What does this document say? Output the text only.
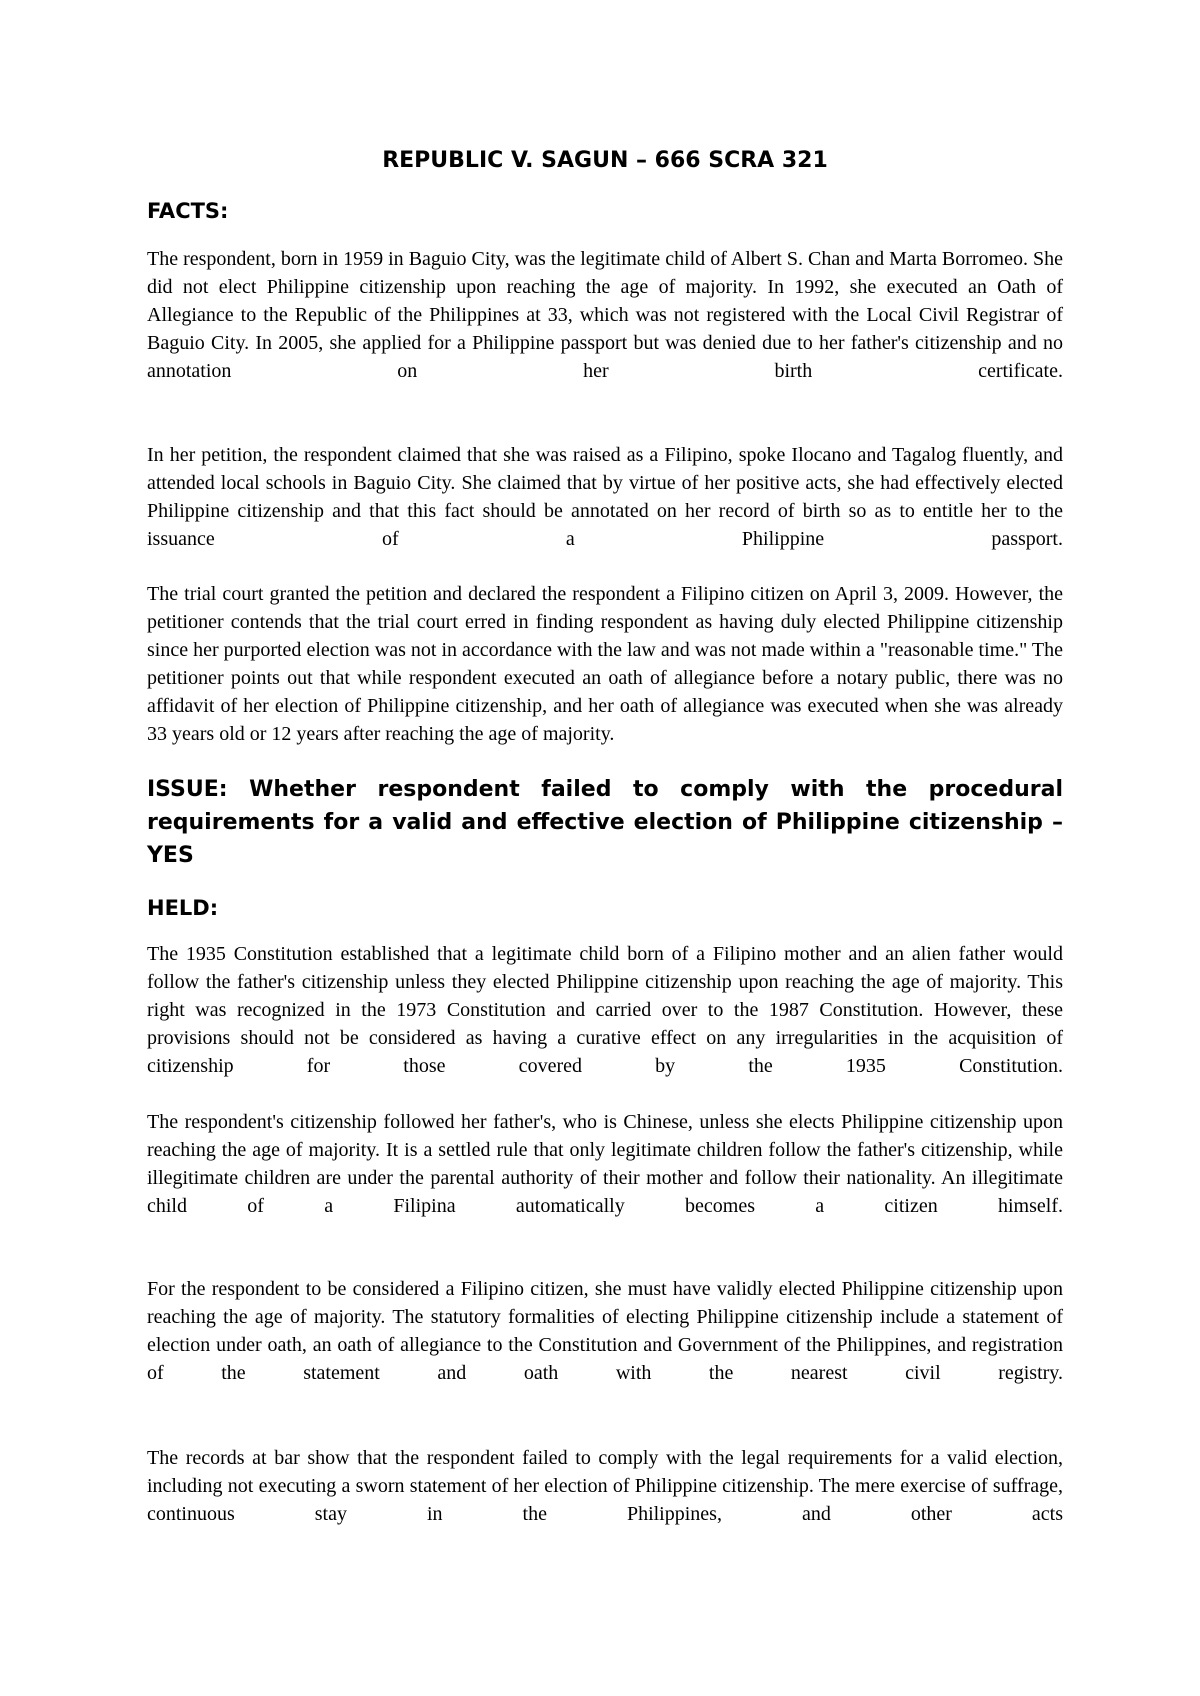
REPUBLIC V. SAGUN – 666 SCRA 321
FACTS:

The respondent, born in 1959 in Baguio City, was the legitimate child of Albert S. Chan and Marta Borromeo. She did not elect Philippine citizenship upon reaching the age of majority. In 1992, she executed an Oath of Allegiance to the Republic of the Philippines at 33, which was not registered with the Local Civil Registrar of Baguio City. In 2005, she applied for a Philippine passport but was denied due to her father's citizenship and no annotation on her birth certificate.

In her petition, the respondent claimed that she was raised as a Filipino, spoke Ilocano and Tagalog fluently, and attended local schools in Baguio City. She claimed that by virtue of her positive acts, she had effectively elected Philippine citizenship and that this fact should be annotated on her record of birth so as to entitle her to the issuance of a Philippine passport.

The trial court granted the petition and declared the respondent a Filipino citizen on April 3, 2009. However, the petitioner contends that the trial court erred in finding respondent as having duly elected Philippine citizenship since her purported election was not in accordance with the law and was not made within a "reasonable time." The petitioner points out that while respondent executed an oath of allegiance before a notary public, there was no affidavit of her election of Philippine citizenship, and her oath of allegiance was executed when she was already 33 years old or 12 years after reaching the age of majority.

ISSUE: Whether respondent failed to comply with the procedural requirements for a valid and effective election of Philippine citizenship – YES

HELD:

The 1935 Constitution established that a legitimate child born of a Filipino mother and an alien father would follow the father's citizenship unless they elected Philippine citizenship upon reaching the age of majority. This right was recognized in the 1973 Constitution and carried over to the 1987 Constitution. However, these provisions should not be considered as having a curative effect on any irregularities in the acquisition of citizenship for those covered by the 1935 Constitution.

The respondent's citizenship followed her father's, who is Chinese, unless she elects Philippine citizenship upon reaching the age of majority. It is a settled rule that only legitimate children follow the father's citizenship, while illegitimate children are under the parental authority of their mother and follow their nationality. An illegitimate child of a Filipina automatically becomes a citizen himself.

For the respondent to be considered a Filipino citizen, she must have validly elected Philippine citizenship upon reaching the age of majority. The statutory formalities of electing Philippine citizenship include a statement of election under oath, an oath of allegiance to the Constitution and Government of the Philippines, and registration of the statement and oath with the nearest civil registry.

The records at bar show that the respondent failed to comply with the legal requirements for a valid election, including not executing a sworn statement of her election of Philippine citizenship. The mere exercise of suffrage, continuous stay in the Philippines, and other acts
